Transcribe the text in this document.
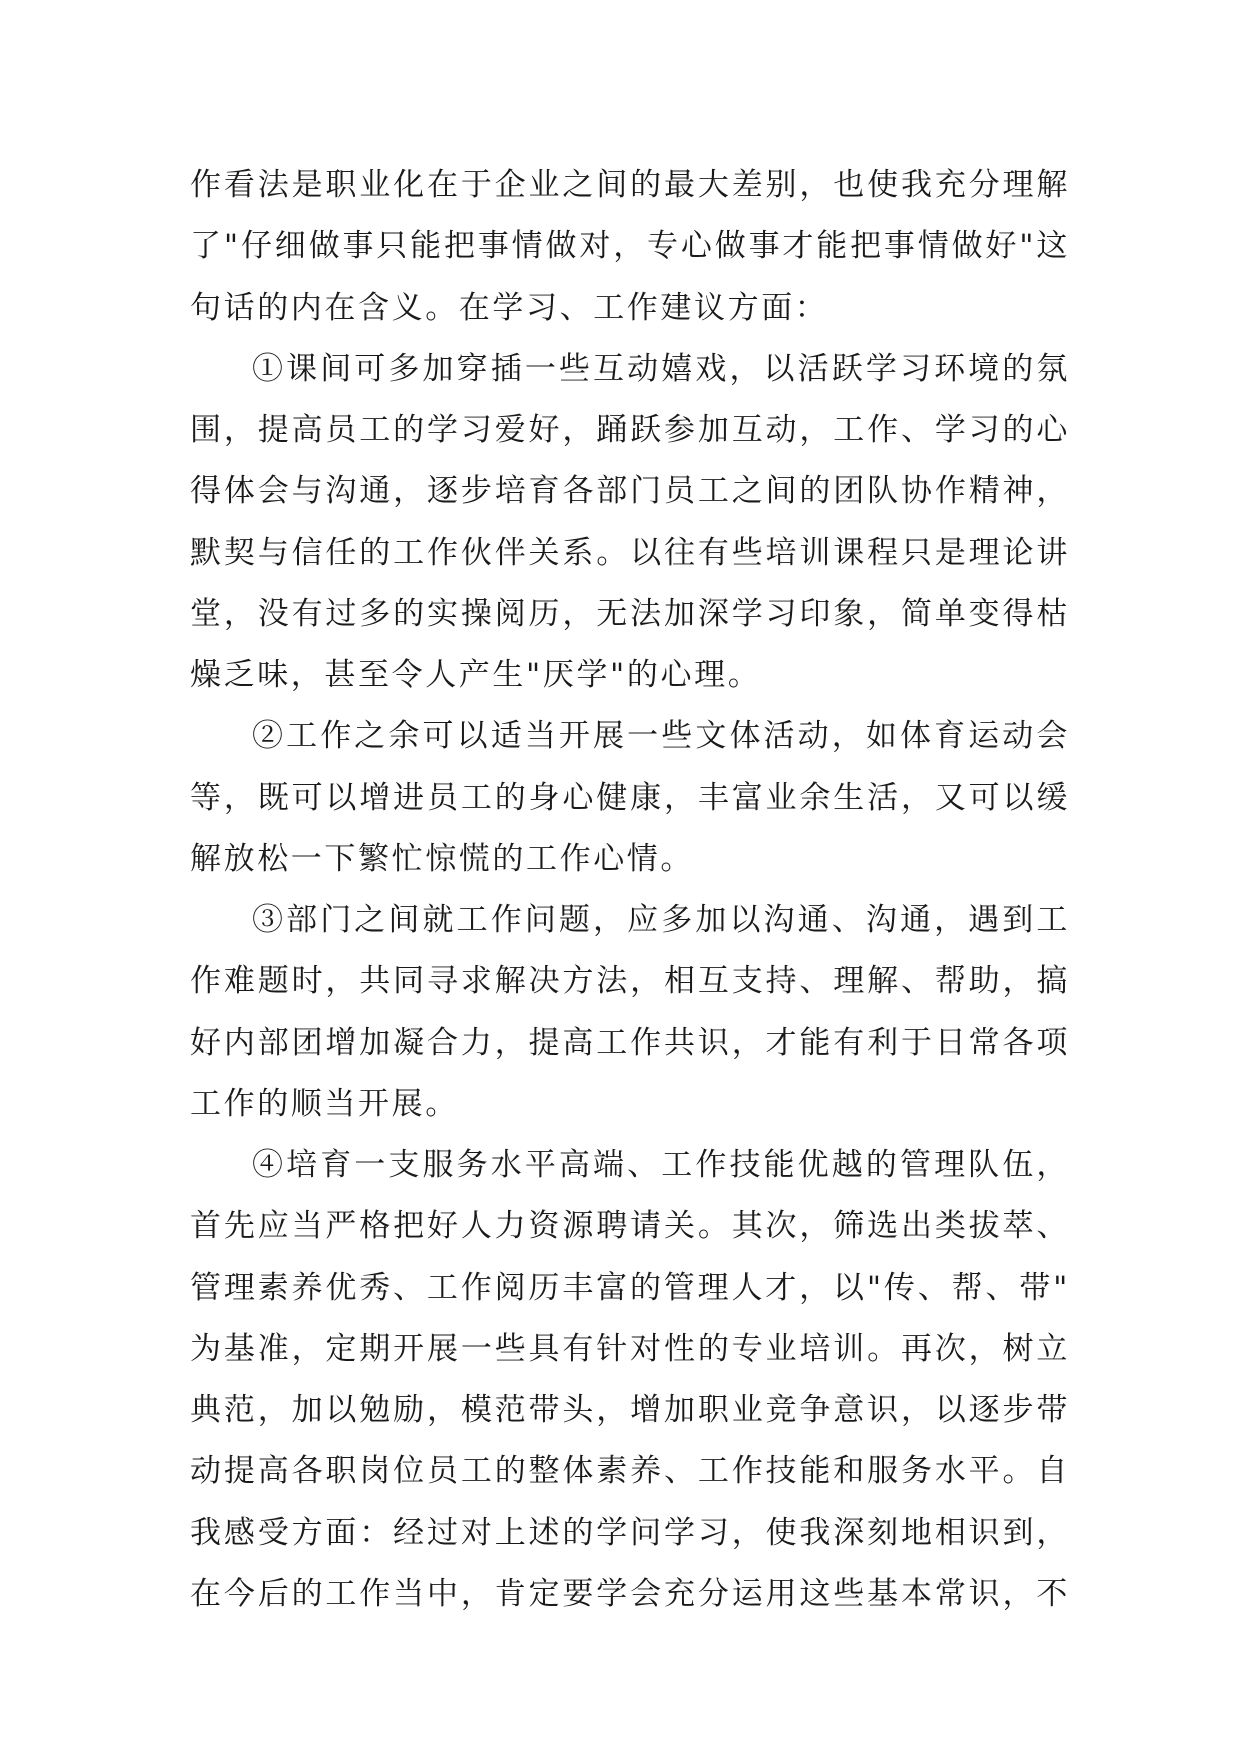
作看法是职业化在于企业之间的最大差别，也使我充分理解
了"仔细做事只能把事情做对，专心做事才能把事情做好"这
句话的内在含义。在学习、工作建议方面：
①课间可多加穿插一些互动嬉戏，以活跃学习环境的氛
围，提高员工的学习爱好，踊跃参加互动，工作、学习的心
得体会与沟通，逐步培育各部门员工之间的团队协作精神，
默契与信任的工作伙伴关系。以往有些培训课程只是理论讲
堂，没有过多的实操阅历，无法加深学习印象，简单变得枯
燥乏味，甚至令人产生"厌学"的心理。
②工作之余可以适当开展一些文体活动，如体育运动会
等，既可以增进员工的身心健康，丰富业余生活，又可以缓
解放松一下繁忙惊慌的工作心情。
③部门之间就工作问题，应多加以沟通、沟通，遇到工
作难题时，共同寻求解决方法，相互支持、理解、帮助，搞
好内部团增加凝合力，提高工作共识，才能有利于日常各项
工作的顺当开展。
④培育一支服务水平高端、工作技能优越的管理队伍，
首先应当严格把好人力资源聘请关。其次，筛选出类拔萃、
管理素养优秀、工作阅历丰富的管理人才，以"传、帮、带"
为基准，定期开展一些具有针对性的专业培训。再次，树立
典范，加以勉励，模范带头，增加职业竞争意识，以逐步带
动提高各职岗位员工的整体素养、工作技能和服务水平。自
我感受方面：经过对上述的学问学习，使我深刻地相识到，
在今后的工作当中，肯定要学会充分运用这些基本常识，不
